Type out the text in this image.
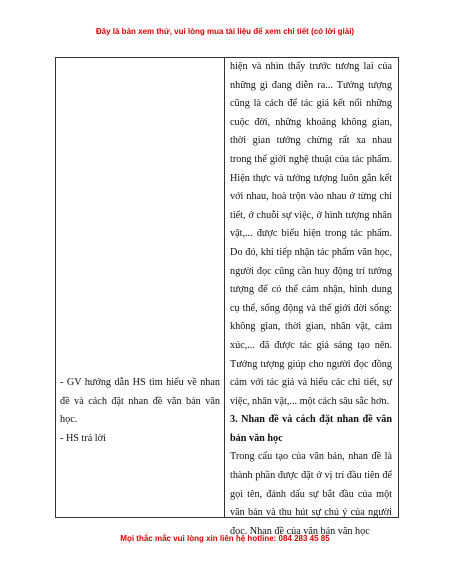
Đây là bản xem thử, vui lòng mua tài liệu để xem chi tiết (có lời giải)

- GV hướng dẫn HS tìm hiểu về nhan đề và cách đặt nhan đề văn bản văn học.

- HS trả lời

hiện và nhìn thấy trước tương lai của những gì đang diễn ra... Tưởng tượng cũng là cách để tác giả kết nối những cuộc đời, những khoảng không gian, thời gian tưởng chừng rất xa nhau trong thế giới nghệ thuật của tác phẩm. Hiện thực và tưởng tượng luôn gắn kết với nhau, hoà trộn vào nhau ở từng chi tiết, ở chuỗi sự việc, ở hình tượng nhân vật,... được biểu hiện trong tác phẩm. Do đó, khi tiếp nhận tác phẩm văn học, người đọc cũng cần huy động trí tưởng tượng để có thể cảm nhận, hình dung cụ thể, sống động và thế giới đời sống: không gian, thời gian, nhân vật, cảm xúc,... đã được tác giả sáng tạo nên. Tưởng tượng giúp cho người đọc đồng cảm với tác giả và hiểu các chi tiết, sự việc, nhân vật,... một cách sâu sắc hơn.

3. Nhan đề và cách đặt nhan đề văn bản văn học

Trong cấu tạo của văn bản, nhan đề là thành phần được đặt ở vị trí đầu tiên để gọi tên, đánh dấu sự bắt đầu của một văn bản và thu hút sự chú ý của người đọc. Nhan đề của văn bản văn học

Mọi thắc mắc vui lòng xin liên hệ hotline: 084 283 45 85
